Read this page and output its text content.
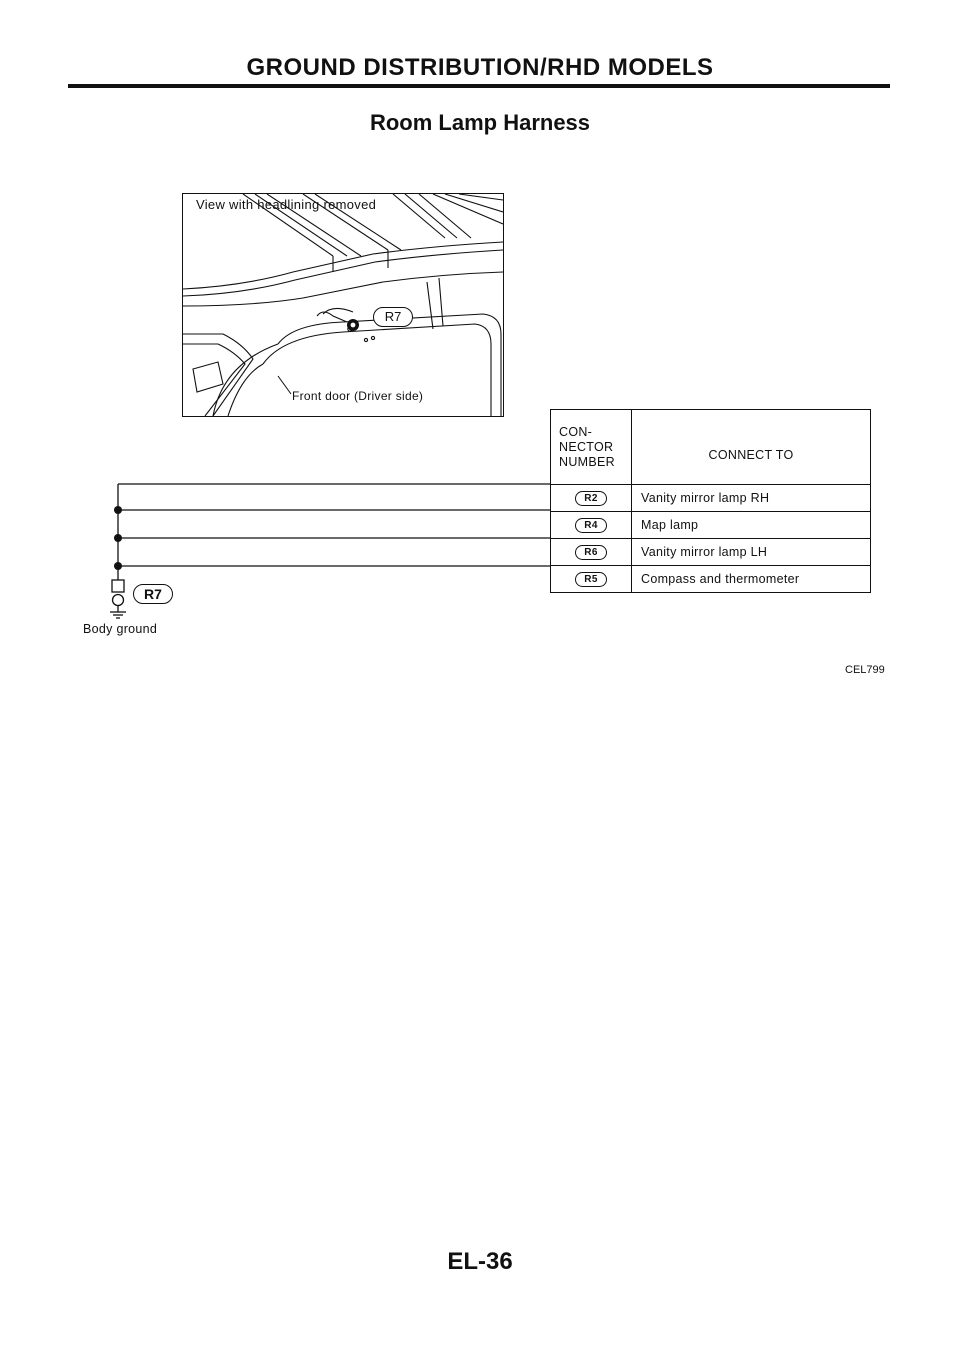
GROUND DISTRIBUTION/RHD MODELS
Room Lamp Harness
View with headlining removed
R7
Front door (Driver side)
CON-
NECTOR
NUMBER	CONNECT TO
R2	Vanity mirror lamp RH
R4	Map lamp
R6	Vanity mirror lamp LH
R5	Compass and thermometer
R7
Body ground
CEL799
EL-36
